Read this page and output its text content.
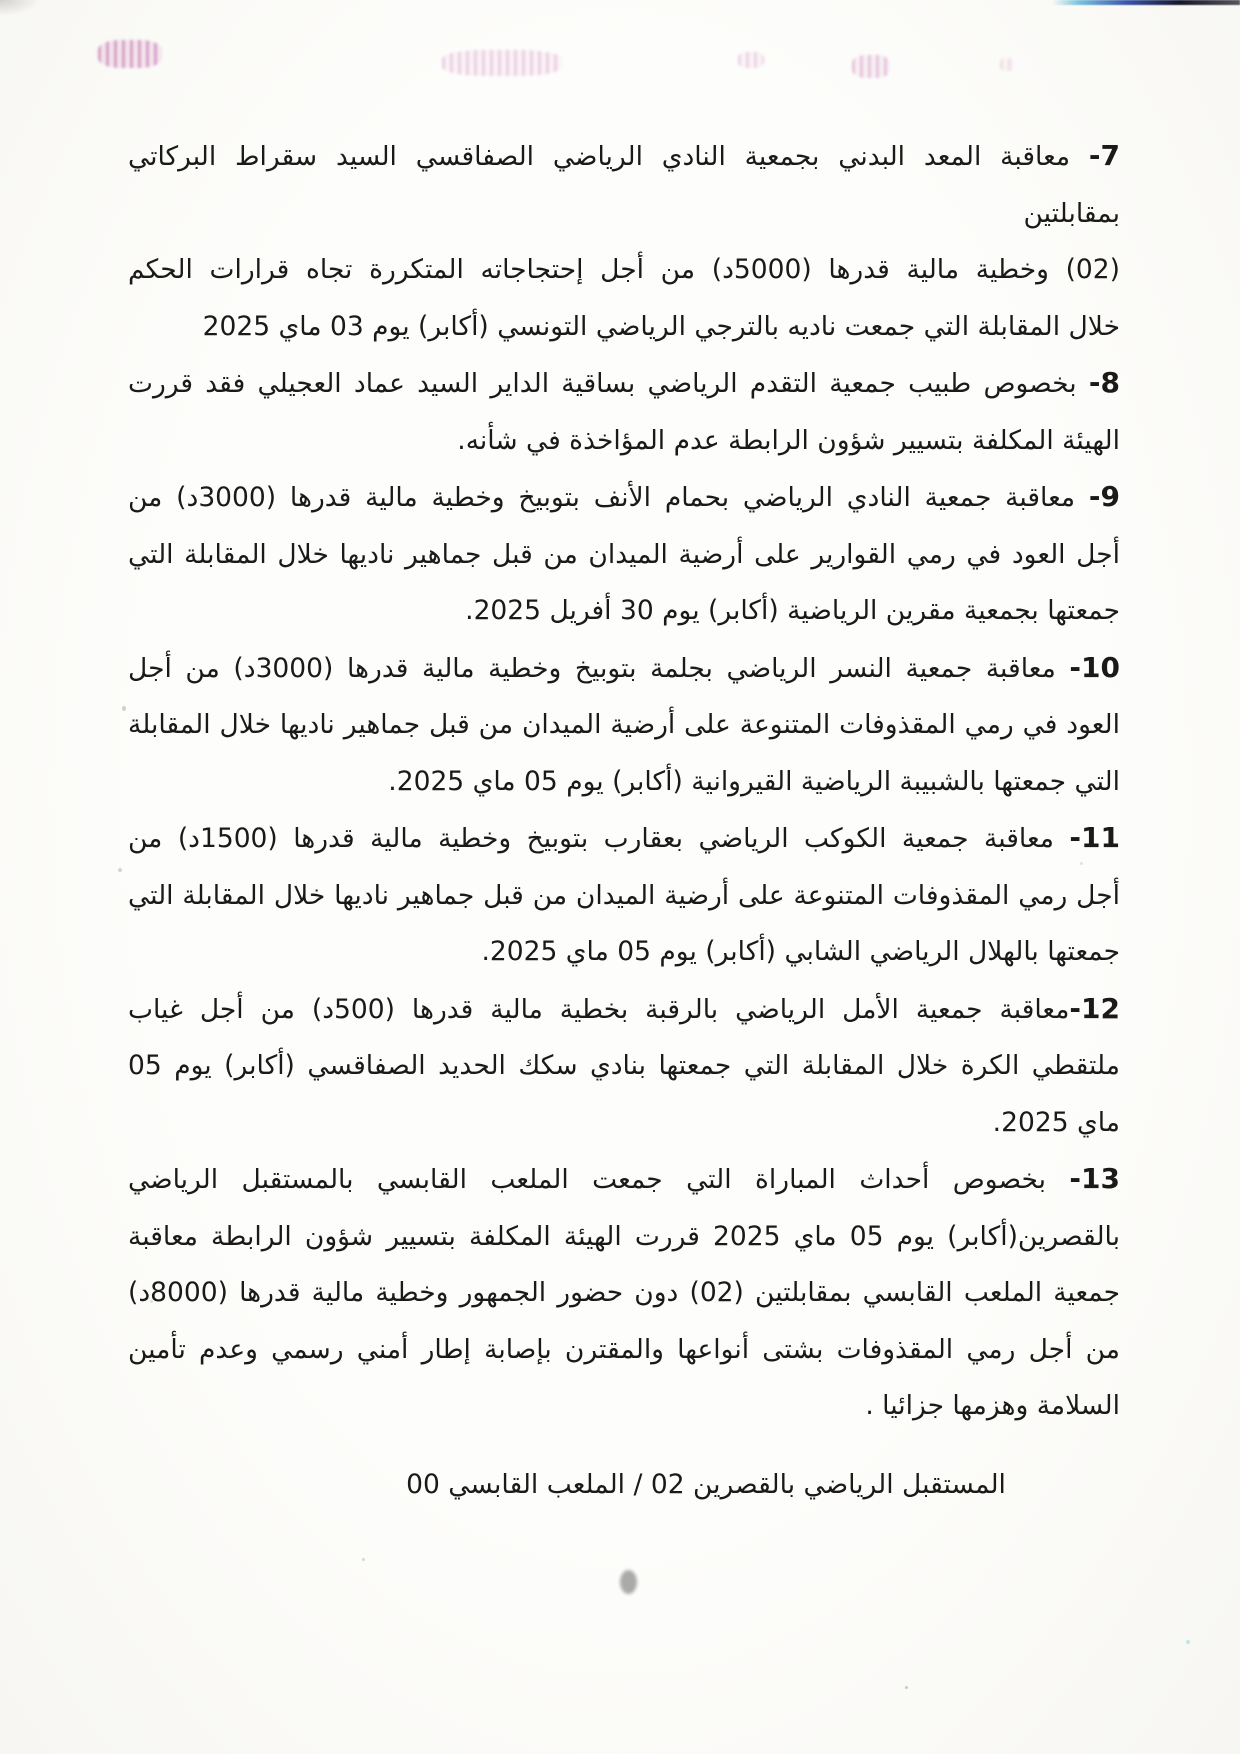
7- معاقبة المعد البدني بجمعية النادي الرياضي الصفاقسي السيد سقراط البركاتي بمقابلتين
(02) وخطية مالية قدرها (5000د) من أجل إحتجاجاته المتكررة تجاه قرارات الحكم
خلال المقابلة التي جمعت ناديه بالترجي الرياضي التونسي (أكابر) يوم 03 ماي 2025

8- بخصوص طبيب جمعية التقدم الرياضي بساقية الداير السيد عماد العجيلي فقد قررت
الهيئة المكلفة بتسيير شؤون الرابطة عدم المؤاخذة في شأنه.

9- معاقبة جمعية النادي الرياضي بحمام الأنف بتوبيخ وخطية مالية قدرها (3000د) من
أجل العود في رمي القوارير على أرضية الميدان من قبل جماهير ناديها خلال المقابلة التي
جمعتها بجمعية مقرين الرياضية (أكابر) يوم 30 أفريل 2025.

10- معاقبة جمعية النسر الرياضي بجلمة بتوبيخ وخطية مالية قدرها (3000د) من أجل
العود في رمي المقذوفات المتنوعة على أرضية الميدان من قبل جماهير ناديها خلال المقابلة
التي جمعتها بالشبيبة الرياضية القيروانية (أكابر) يوم 05 ماي 2025.

11- معاقبة جمعية الكوكب الرياضي بعقارب بتوبيخ وخطية مالية قدرها (1500د) من
أجل رمي المقذوفات المتنوعة على أرضية الميدان من قبل جماهير ناديها خلال المقابلة التي
جمعتها بالهلال الرياضي الشابي (أكابر) يوم 05 ماي 2025.

12-معاقبة جمعية الأمل الرياضي بالرقبة بخطية مالية قدرها (500د) من أجل غياب
ملتقطي الكرة خلال المقابلة التي جمعتها بنادي سكك الحديد الصفاقسي (أكابر) يوم 05
ماي 2025.

13- بخصوص أحداث المباراة التي جمعت الملعب القابسي بالمستقبل الرياضي
بالقصرين(أكابر) يوم 05 ماي 2025 قررت الهيئة المكلفة بتسيير شؤون الرابطة معاقبة
جمعية الملعب القابسي بمقابلتين (02) دون حضور الجمهور وخطية مالية قدرها (8000د)
من أجل رمي المقذوفات بشتى أنواعها والمقترن بإصابة إطار أمني رسمي وعدم تأمين
السلامة وهزمها جزائيا .

المستقبل الرياضي بالقصرين 02 / الملعب القابسي 00
